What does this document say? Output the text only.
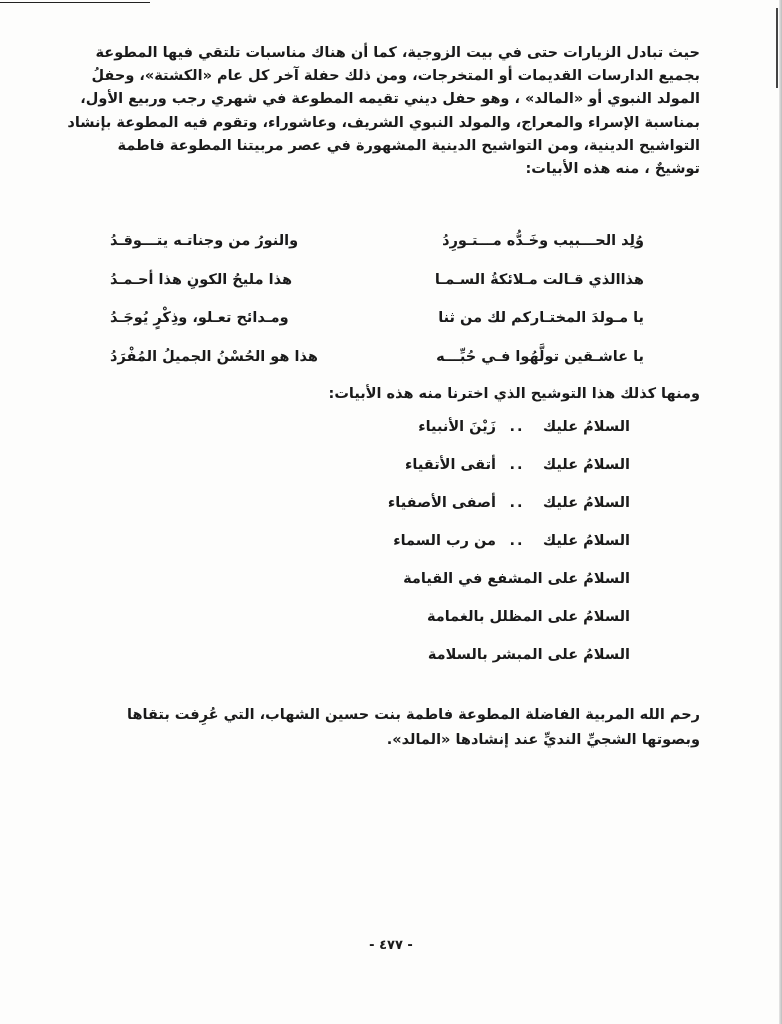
حيث تبادل الزيارات حتى في بيت الزوجية، كما أن هناك مناسبات تلتقي فيها المطوعة
بجميع الدارسات القديمات أو المتخرجات، ومن ذلك حفلة آخر كل عام «الكشتة»، وحفلُ
المولد النبوي أو «المالد» ، وهو حفل ديني تقيمه المطوعة في شهري رجب وربيع الأول،
بمناسبة الإسراء والمعراج، والمولد النبوي الشريف، وعاشوراء، وتقوم فيه المطوعة بإنشاد
التواشيح الدينية، ومن التواشيح الدينية المشهورة في عصر مربيتنا المطوعة فاطمة
توشيحٌ ، منه هذه الأبيات:
وُلِد الحـــبيب وخَـدُّه مـــتـورِدُ
والنورُ من وجناتـه يتـــوقـدُ
هذاالذي قـالت مـلائكةُ السـمـا
هذا مليحُ الكونِ هذا أحـمـدُ
يا مـولدَ المختـاركم لك من ثنا
ومـدائح تعـلو، وذِكْرٍ يُوجَـدُ
يا عاشـقين تولَّهُوا فـي حُبِّـــه
هذا هو الحُسْنُ الجميلُ المُفْرَدُ
ومنها كذلك هذا التوشيح الذي اخترنا منه هذه الأبيات:
السلامُ عليك
..
زَيْنَ الأنبياء
السلامُ عليك
..
أتقى الأتقياء
السلامُ عليك
..
أصفى الأصفياء
السلامُ عليك
..
من رب السماء
السلامُ على المشفع في القيامة
السلامُ على المظلل بالغمامة
السلامُ على المبشر بالسلامة
رحم الله المربية الفاضلة المطوعة فاطمة بنت حسين الشهاب، التي عُرِفت بتقاها
وبصوتها الشجيِّ النديِّ عند إنشادها «المالد».
- ٤٧٧ -
